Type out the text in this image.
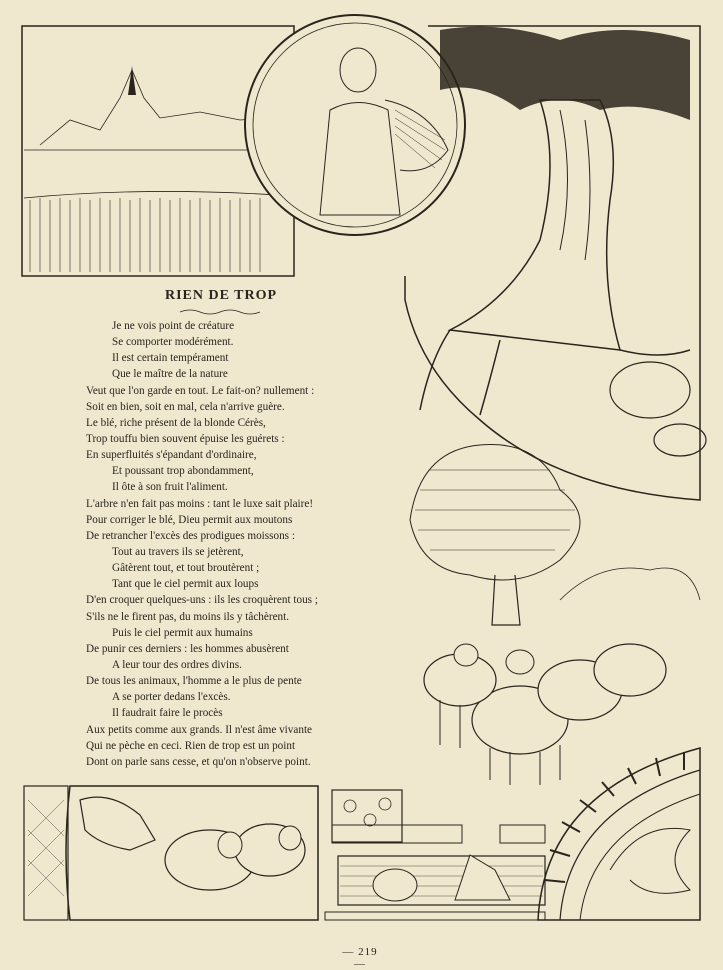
RIEN DE TROP
Je ne vois point de créature
Se comporter modérément.
Il est certain tempérament
Que le maître de la nature
Veut que l'on garde en tout. Le fait-on? nullement :
Soit en bien, soit en mal, cela n'arrive guère.
Le blé, riche présent de la blonde Cérès,
Trop touffu bien souvent épuise les guérets :
En superfluités s'épandant d'ordinaire,
Et poussant trop abondamment,
Il ôte à son fruit l'aliment.
L'arbre n'en fait pas moins : tant le luxe sait plaire!
Pour corriger le blé, Dieu permit aux moutons
De retrancher l'excès des prodigues moissons :
Tout au travers ils se jetèrent,
Gâtèrent tout, et tout broutèrent ;
Tant que le ciel permit aux loups
D'en croquer quelques-uns : ils les croquèrent tous ;
S'ils ne le firent pas, du moins ils y tâchèrent.
Puis le ciel permit aux humains
De punir ces derniers : les hommes abusèrent
A leur tour des ordres divins.
De tous les animaux, l'homme a le plus de pente
A se porter dedans l'excès.
Il faudrait faire le procès
Aux petits comme aux grands. Il n'est âme vivante
Qui ne pèche en ceci. Rien de trop est un point
Dont on parle sans cesse, et qu'on n'observe point.
— 219 —
